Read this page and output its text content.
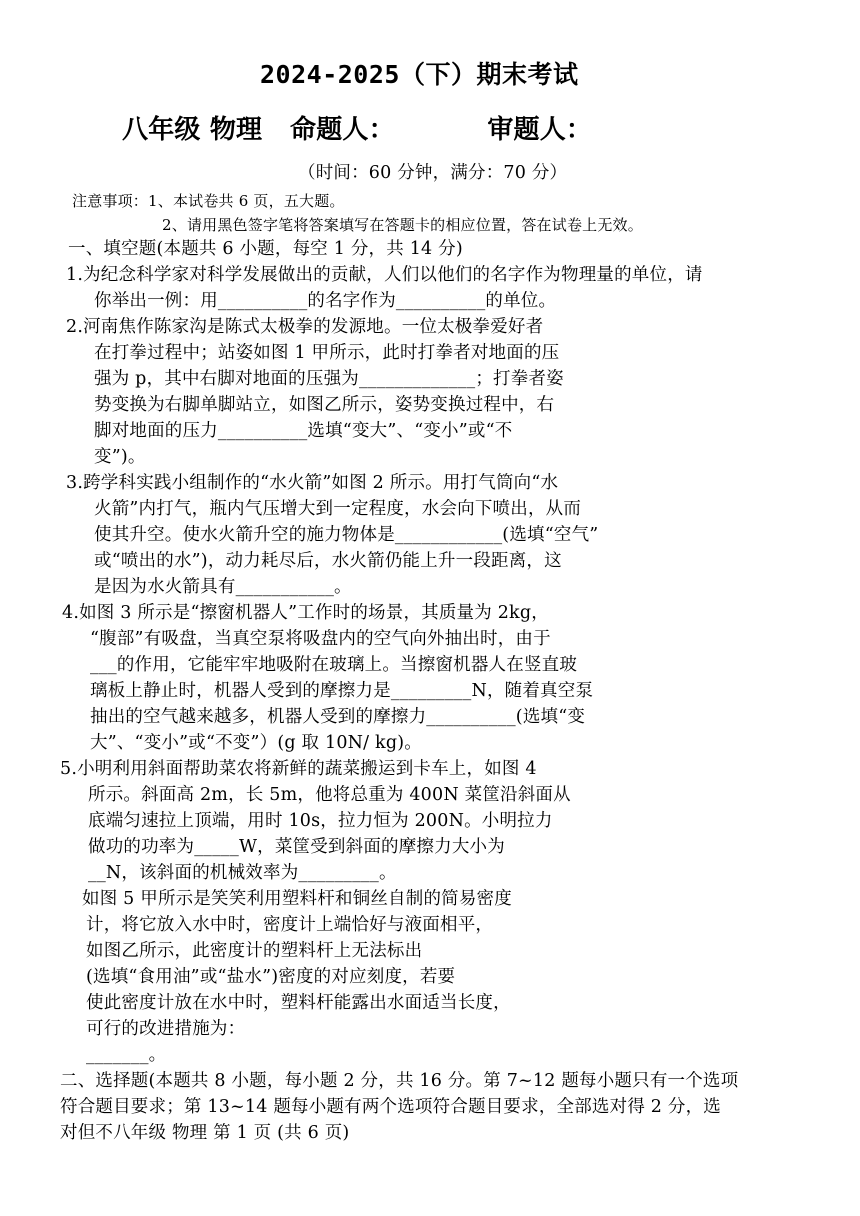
2024-2025（下）期末考试
八年级 物理   命题人：          审题人：
（时间：60 分钟，满分：70 分）
注意事项：1、本试卷共 6 页，五大题。
2、请用黑色签字笔将答案填写在答题卡的相应位置，答在试卷上无效。
一、填空题(本题共 6 小题，每空 1 分，共 14 分)
1.为纪念科学家对科学发展做出的贡献，人们以他们的名字作为物理量的单位，请
你举出一例：用__________的名字作为__________的单位。
2.河南焦作陈家沟是陈式太极拳的发源地。一位太极拳爱好者
在打拳过程中；站姿如图 1 甲所示，此时打拳者对地面的压
强为 p，其中右脚对地面的压强为_____________；打拳者姿
势变换为右脚单脚站立，如图乙所示，姿势变换过程中，右
脚对地面的压力__________选填“变大”、“变小”或“不
变”)。
3.跨学科实践小组制作的“水火箭”如图 2 所示。用打气筒向“水
火箭”内打气，瓶内气压增大到一定程度，水会向下喷出，从而
使其升空。使水火箭升空的施力物体是____________(选填“空气”
或“喷出的水”)，动力耗尽后，水火箭仍能上升一段距离，这
是因为水火箭具有___________。
4.如图 3 所示是“擦窗机器人”工作时的场景，其质量为 2kg，
“腹部”有吸盘，当真空泵将吸盘内的空气向外抽出时，由于
___的作用，它能牢牢地吸附在玻璃上。当擦窗机器人在竖直玻
璃板上静止时，机器人受到的摩擦力是_________N，随着真空泵
抽出的空气越来越多，机器人受到的摩擦力__________(选填“变
大”、“变小”或“不变”）(g 取 10N/ kg)。
5.小明利用斜面帮助菜农将新鲜的蔬菜搬运到卡车上，如图 4
所示。斜面高 2m，长 5m，他将总重为 400N 菜筐沿斜面从
底端匀速拉上顶端，用时 10s，拉力恒为 200N。小明拉力
做功的功率为_____W，菜筐受到斜面的摩擦力大小为
__N，该斜面的机械效率为_________。
如图 5 甲所示是笑笑利用塑料杆和铜丝自制的简易密度
计，将它放入水中时，密度计上端恰好与液面相平，
如图乙所示，此密度计的塑料杆上无法标出
(选填“食用油”或“盐水”)密度的对应刻度，若要
使此密度计放在水中时，塑料杆能露出水面适当长度，
可行的改进措施为：
_______。
二、选择题(本题共 8 小题，每小题 2 分，共 16 分。第 7~12 题每小题只有一个选项
符合题目要求；第 13~14 题每小题有两个选项符合题目要求，全部选对得 2 分，选
对但不八年级 物理 第 1 页 (共 6 页)
